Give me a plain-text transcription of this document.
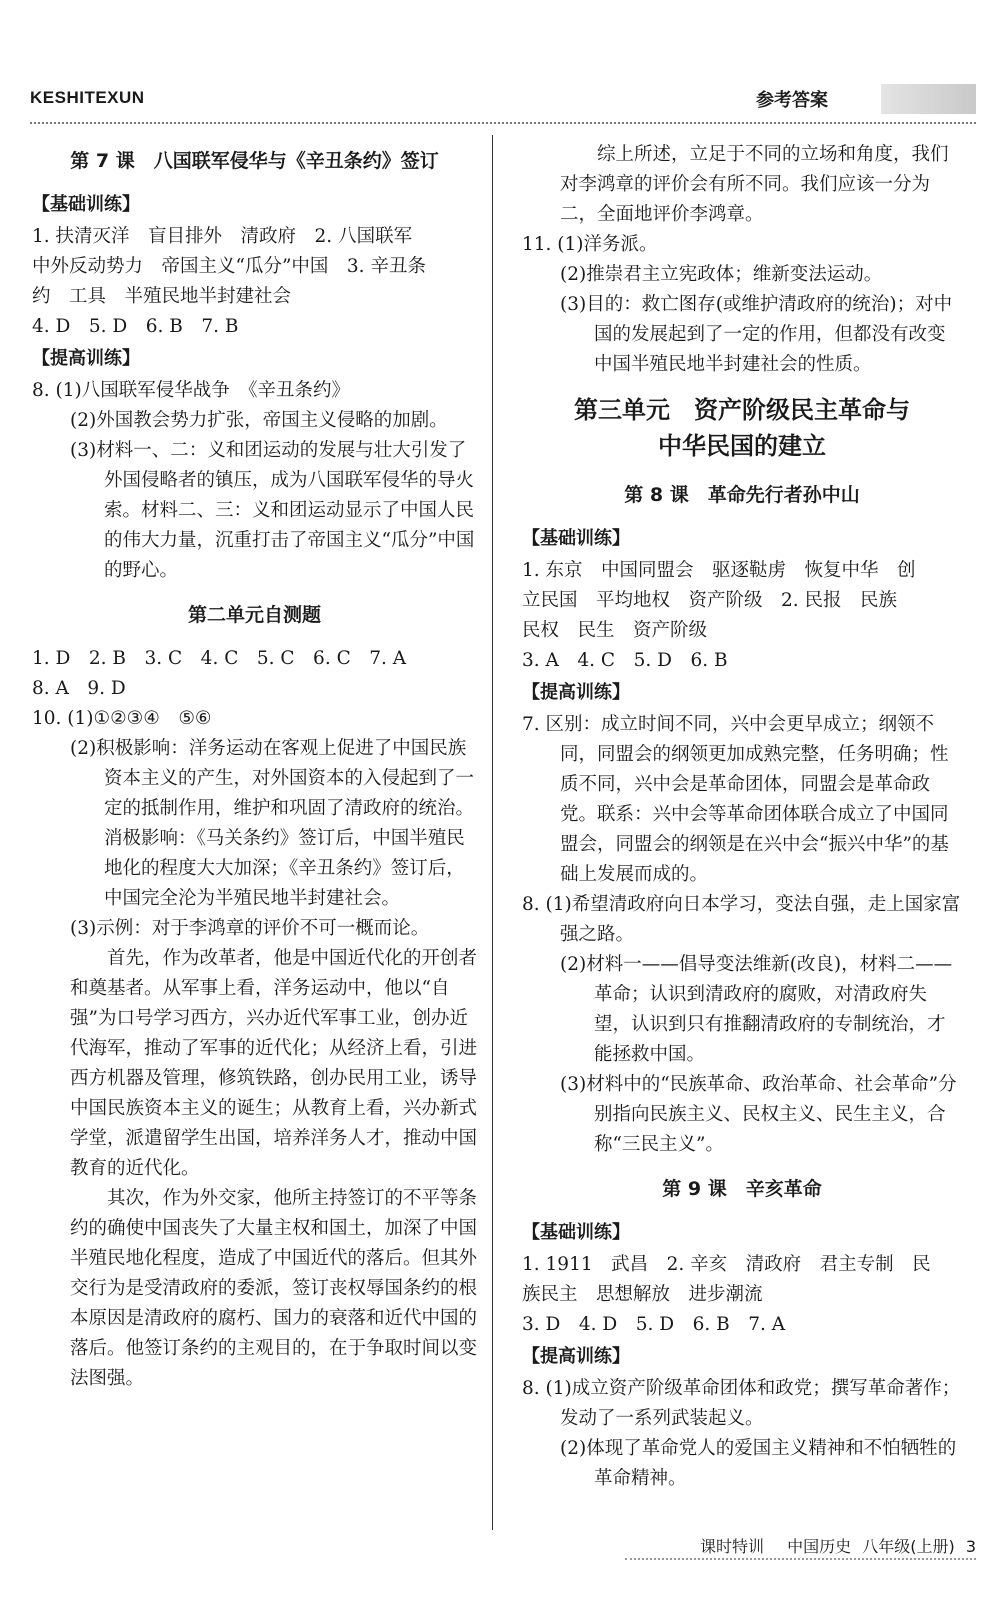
KESHITEXUN	参考答案
第 7 课　八国联军侵华与《辛丑条约》签订
【基础训练】
1. 扶清灭洋　盲目排外　清政府　2. 八国联军
中外反动势力　帝国主义“瓜分”中国　3. 辛丑条
约　工具　半殖民地半封建社会
4. D　5. D　6. B　7. B
【提高训练】
8. (1)八国联军侵华战争　《辛丑条约》
(2)外国教会势力扩张，帝国主义侵略的加剧。
(3)材料一、二：义和团运动的发展与壮大引发了外国侵略者的镇压，成为八国联军侵华的导火索。材料二、三：义和团运动显示了中国人民的伟大力量，沉重打击了帝国主义“瓜分”中国的野心。
第二单元自测题
1. D　2. B　3. C　4. C　5. C　6. C　7. A
8. A　9. D
10. (1)①②③④　⑤⑥
(2)积极影响：洋务运动在客观上促进了中国民族资本主义的产生，对外国资本的入侵起到了一定的抵制作用，维护和巩固了清政府的统治。消极影响：《马关条约》签订后，中国半殖民地化的程度大大加深；《辛丑条约》签订后，中国完全沦为半殖民地半封建社会。
(3)示例：对于李鸿章的评价不可一概而论。
首先，作为改革者，他是中国近代化的开创者和奠基者。从军事上看，洋务运动中，他以“自强”为口号学习西方，兴办近代军事工业，创办近代海军，推动了军事的近代化；从经济上看，引进西方机器及管理，修筑铁路，创办民用工业，诱导中国民族资本主义的诞生；从教育上看，兴办新式学堂，派遣留学生出国，培养洋务人才，推动中国教育的近代化。
其次，作为外交家，他所主持签订的不平等条约的确使中国丧失了大量主权和国土，加深了中国半殖民地化程度，造成了中国近代的落后。但其外交行为是受清政府的委派，签订丧权辱国条约的根本原因是清政府的腐朽、国力的衰落和近代中国的落后。他签订条约的主观目的，在于争取时间以变法图强。
综上所述，立足于不同的立场和角度，我们对李鸿章的评价会有所不同。我们应该一分为二，全面地评价李鸿章。
11. (1)洋务派。
(2)推崇君主立宪政体；维新变法运动。
(3)目的：救亡图存(或维护清政府的统治)；对中国的发展起到了一定的作用，但都没有改变中国半殖民地半封建社会的性质。
第三单元　资产阶级民主革命与
中华民国的建立
第 8 课　革命先行者孙中山
【基础训练】
1. 东京　中国同盟会　驱逐鞑虏　恢复中华　创
立民国　平均地权　资产阶级　2. 民报　民族
民权　民生　资产阶级
3. A　4. C　5. D　6. B
【提高训练】
7. 区别：成立时间不同，兴中会更早成立；纲领不同，同盟会的纲领更加成熟完整，任务明确；性质不同，兴中会是革命团体，同盟会是革命政党。联系：兴中会等革命团体联合成立了中国同盟会，同盟会的纲领是在兴中会“振兴中华”的基础上发展而成的。
8. (1)希望清政府向日本学习，变法自强，走上国家富强之路。
(2)材料一——倡导变法维新(改良)，材料二——革命；认识到清政府的腐败，对清政府失望，认识到只有推翻清政府的专制统治，才能拯救中国。
(3)材料中的“民族革命、政治革命、社会革命”分别指向民族主义、民权主义、民生主义，合称“三民主义”。
第 9 课　辛亥革命
【基础训练】
1. 1911　武昌　2. 辛亥　清政府　君主专制　民
族民主　思想解放　进步潮流
3. D　4. D　5. D　6. B　7. A
【提高训练】
8. (1)成立资产阶级革命团体和政党；撰写革命著作；发动了一系列武装起义。
(2)体现了革命党人的爱国主义精神和不怕牺牲的革命精神。
课时特训 中国历史 八年级(上册) 3
